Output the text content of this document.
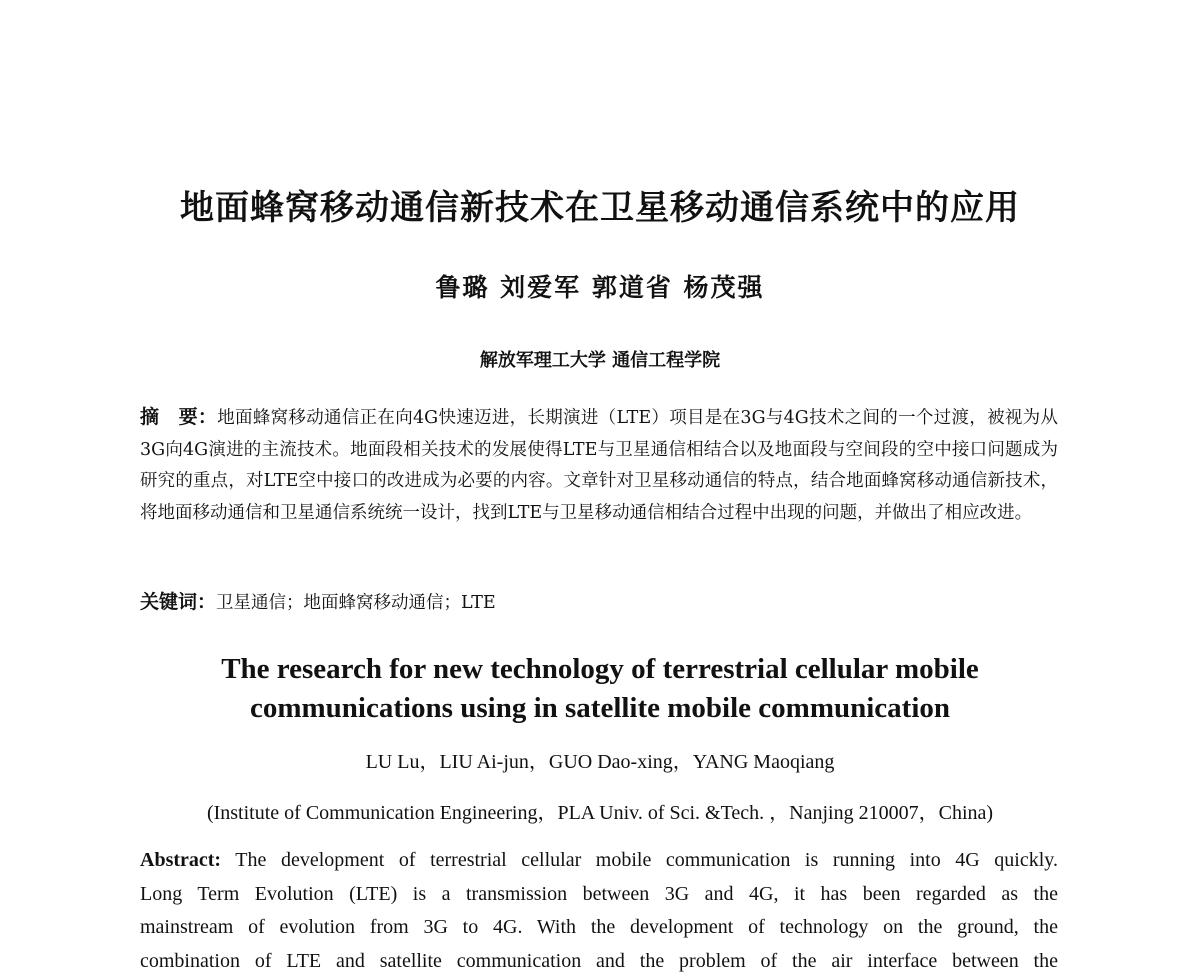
地面蜂窝移动通信新技术在卫星移动通信系统中的应用
鲁璐 刘爱军 郭道省 杨茂强
解放军理工大学 通信工程学院
摘　要：地面蜂窝移动通信正在向4G快速迈进，长期演进（LTE）项目是在3G与4G技术之间的一个过渡，被视为从3G向4G演进的主流技术。地面段相关技术的发展使得LTE与卫星通信相结合以及地面段与空间段的空中接口问题成为研究的重点，对LTE空中接口的改进成为必要的内容。文章针对卫星移动通信的特点，结合地面蜂窝移动通信新技术，将地面移动通信和卫星通信系统统一设计，找到LTE与卫星移动通信相结合过程中出现的问题，并做出了相应改进。
关键词：卫星通信；地面蜂窝移动通信；LTE
The research for new technology of terrestrial cellular mobile
communications using in satellite mobile communication
LU Lu，LIU Ai-jun，GUO Dao-xing，YANG Maoqiang
(Institute of Communication Engineering，PLA Univ. of Sci. &Tech. ，Nanjing 210007，China)
Abstract: The development of terrestrial cellular mobile communication is running into 4G quickly.
Long Term Evolution (LTE) is a transmission between 3G and 4G, it has been regarded as the
mainstream of evolution from 3G to 4G. With the development of technology on the ground, the
combination of LTE and satellite communication and the problem of the air interface between the
